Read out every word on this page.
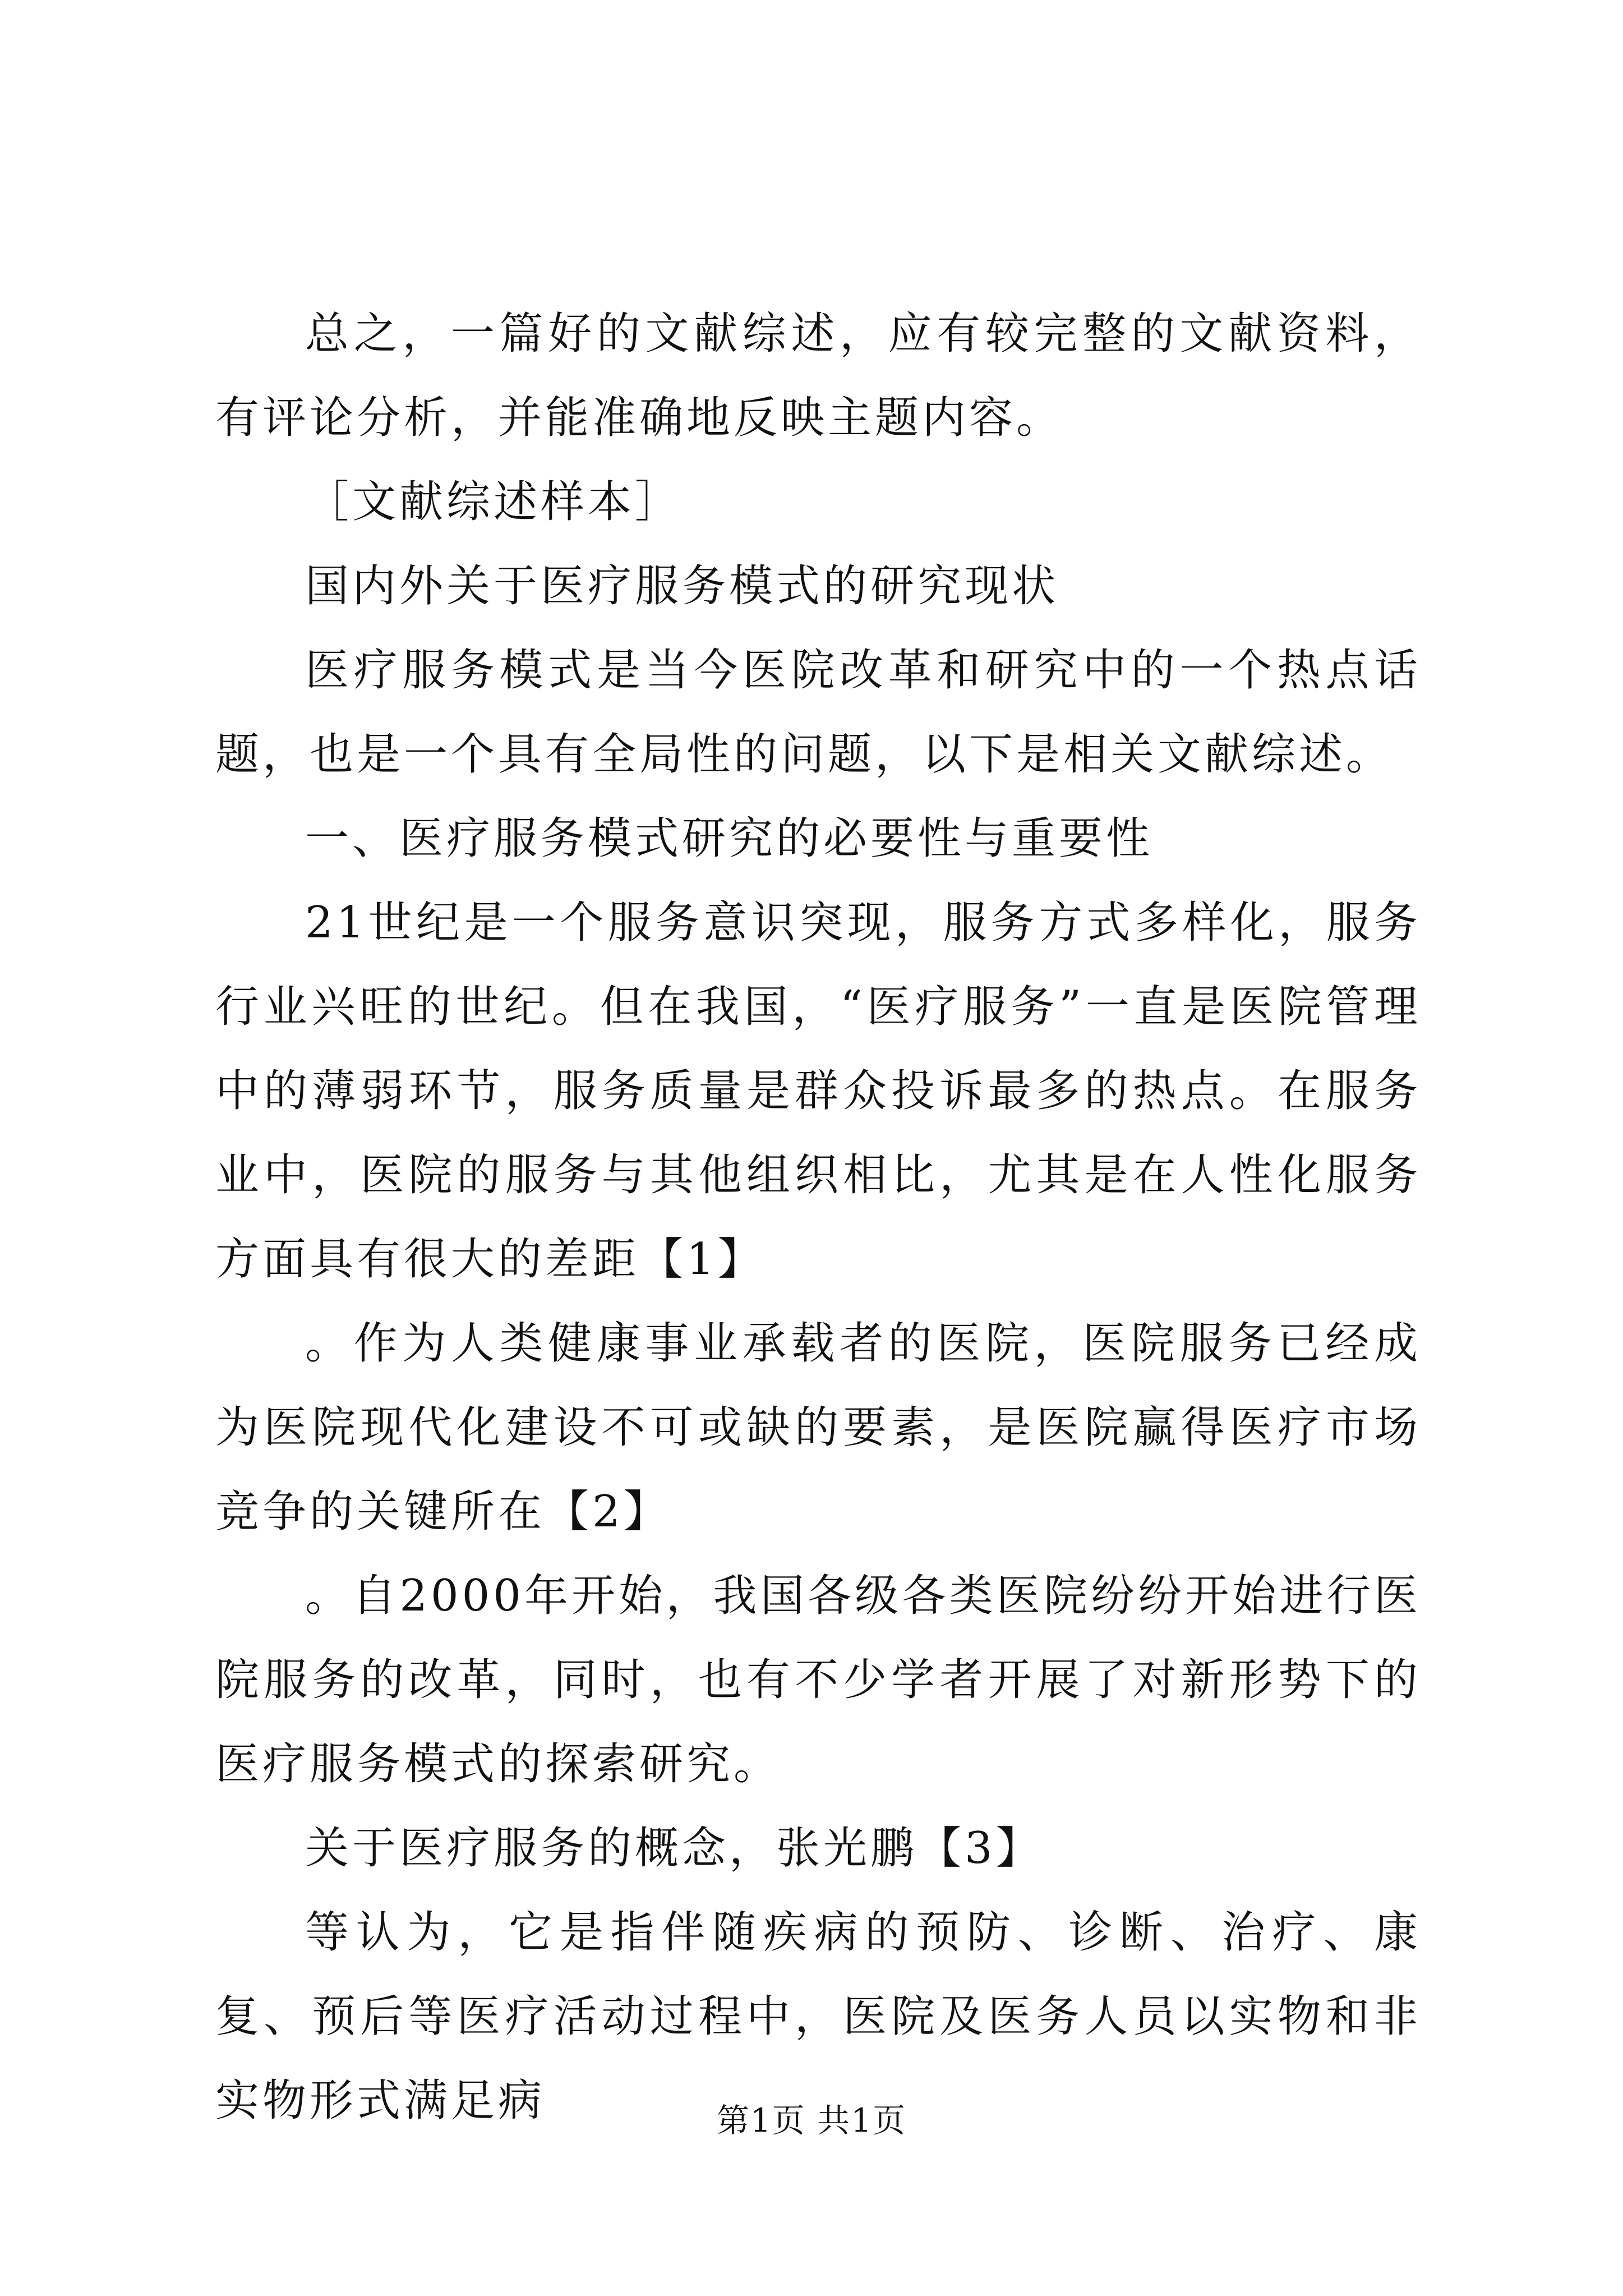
总之，一篇好的文献综述，应有较完整的文献资料，有评论分析，并能准确地反映主题内容。

［文献综述样本］

国内外关于医疗服务模式的研究现状

医疗服务模式是当今医院改革和研究中的一个热点话题，也是一个具有全局性的问题，以下是相关文献综述。

一、医疗服务模式研究的必要性与重要性

21世纪是一个服务意识突现，服务方式多样化，服务行业兴旺的世纪。但在我国，“医疗服务”一直是医院管理中的薄弱环节，服务质量是群众投诉最多的热点。在服务业中，医院的服务与其他组织相比，尤其是在人性化服务方面具有很大的差距【1】

。作为人类健康事业承载者的医院，医院服务已经成为医院现代化建设不可或缺的要素，是医院赢得医疗市场竞争的关键所在【2】

。自2000年开始，我国各级各类医院纷纷开始进行医院服务的改革，同时，也有不少学者开展了对新形势下的医疗服务模式的探索研究。

关于医疗服务的概念，张光鹏【3】

等认为，它是指伴随疾病的预防、诊断、治疗、康复、预后等医疗活动过程中，医院及医务人员以实物和非实物形式满足病	第1页 共1页
